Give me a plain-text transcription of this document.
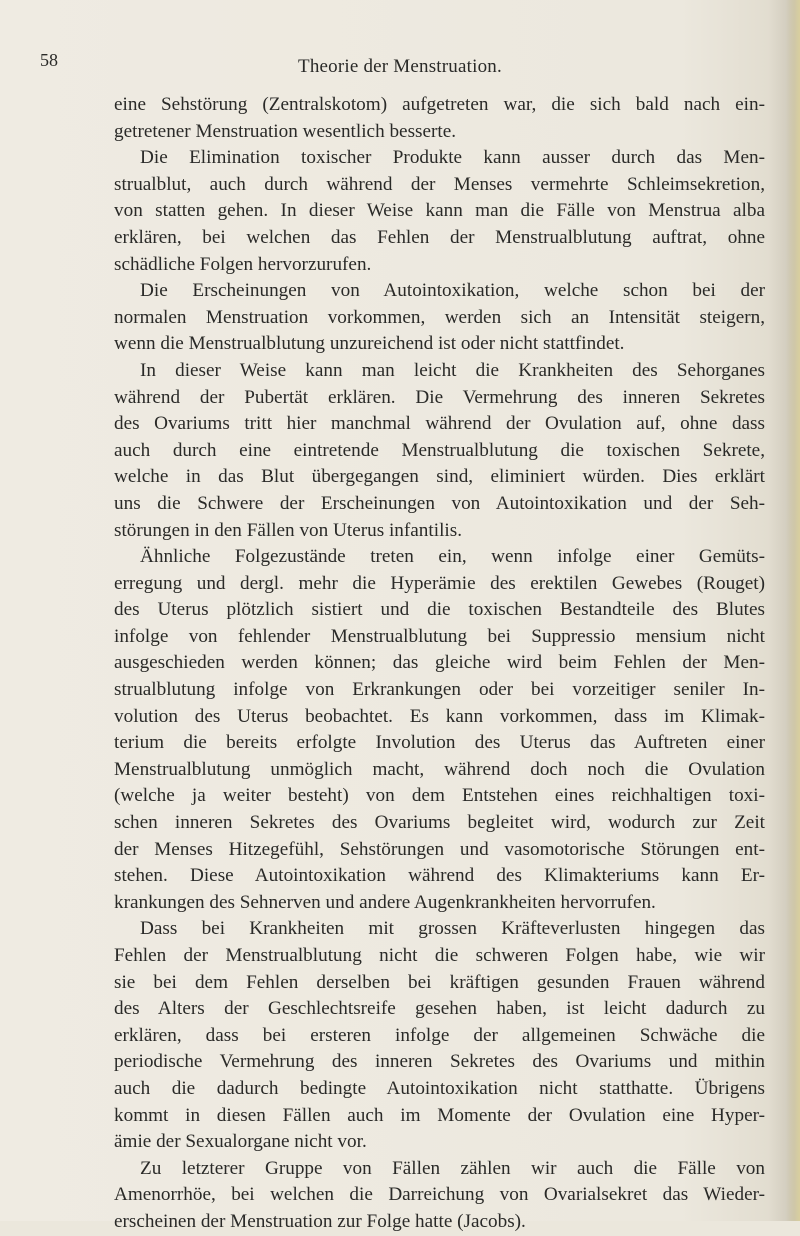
58	Theorie der Menstruation.
eine Sehstörung (Zentralskotom) aufgetreten war, die sich bald nach ein-
getretener Menstruation wesentlich besserte.
Die Elimination toxischer Produkte kann ausser durch das Men-
strualblut, auch durch während der Menses vermehrte Schleimsekretion,
von statten gehen. In dieser Weise kann man die Fälle von Menstrua alba
erklären, bei welchen das Fehlen der Menstrualblutung auftrat, ohne
schädliche Folgen hervorzurufen.
Die Erscheinungen von Autointoxikation, welche schon bei der
normalen Menstruation vorkommen, werden sich an Intensität steigern,
wenn die Menstrualblutung unzureichend ist oder nicht stattfindet.
In dieser Weise kann man leicht die Krankheiten des Sehorganes
während der Pubertät erklären. Die Vermehrung des inneren Sekretes
des Ovariums tritt hier manchmal während der Ovulation auf, ohne dass
auch durch eine eintretende Menstrualblutung die toxischen Sekrete,
welche in das Blut übergegangen sind, eliminiert würden. Dies erklärt
uns die Schwere der Erscheinungen von Autointoxikation und der Seh-
störungen in den Fällen von Uterus infantilis.
Ähnliche Folgezustände treten ein, wenn infolge einer Gemüts-
erregung und dergl. mehr die Hyperämie des erektilen Gewebes (Rouget)
des Uterus plötzlich sistiert und die toxischen Bestandteile des Blutes
infolge von fehlender Menstrualblutung bei Suppressio mensium nicht
ausgeschieden werden können; das gleiche wird beim Fehlen der Men-
strualblutung infolge von Erkrankungen oder bei vorzeitiger seniler In-
volution des Uterus beobachtet. Es kann vorkommen, dass im Klimak-
terium die bereits erfolgte Involution des Uterus das Auftreten einer
Menstrualblutung unmöglich macht, während doch noch die Ovulation
(welche ja weiter besteht) von dem Entstehen eines reichhaltigen toxi-
schen inneren Sekretes des Ovariums begleitet wird, wodurch zur Zeit
der Menses Hitzegefühl, Sehstörungen und vasomotorische Störungen ent-
stehen. Diese Autointoxikation während des Klimakteriums kann Er-
krankungen des Sehnerven und andere Augenkrankheiten hervorrufen.
Dass bei Krankheiten mit grossen Kräfteverlusten hingegen das
Fehlen der Menstrualblutung nicht die schweren Folgen habe, wie wir
sie bei dem Fehlen derselben bei kräftigen gesunden Frauen während
des Alters der Geschlechtsreife gesehen haben, ist leicht dadurch zu
erklären, dass bei ersteren infolge der allgemeinen Schwäche die
periodische Vermehrung des inneren Sekretes des Ovariums und mithin
auch die dadurch bedingte Autointoxikation nicht statthatte. Übrigens
kommt in diesen Fällen auch im Momente der Ovulation eine Hyper-
ämie der Sexualorgane nicht vor.
Zu letzterer Gruppe von Fällen zählen wir auch die Fälle von
Amenorrhöe, bei welchen die Darreichung von Ovarialsekret das Wieder-
erscheinen der Menstruation zur Folge hatte (Jacobs).
